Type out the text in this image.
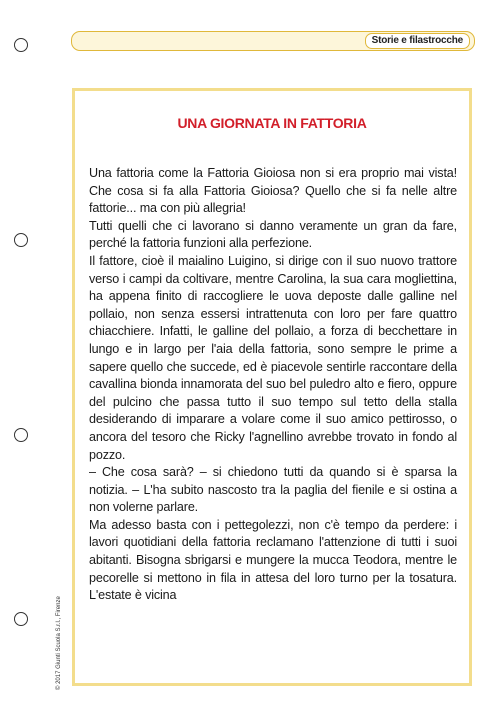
Storie e filastrocche
UNA GIORNATA IN FATTORIA

Una fattoria come la Fattoria Gioiosa non si era proprio mai vista! Che cosa si fa alla Fattoria Gioiosa? Quello che si fa nelle altre fattorie... ma con più allegria!

Tutti quelli che ci lavorano si danno veramente un gran da fare, perché la fattoria funzioni alla perfezione.

Il fattore, cioè il maialino Luigino, si dirige con il suo nuovo trattore verso i campi da coltivare, mentre Carolina, la sua cara mogliettina, ha appena finito di raccogliere le uova deposte dalle galline nel pollaio, non senza essersi intrattenuta con loro per fare quattro chiacchiere. Infatti, le galline del pollaio, a forza di becchettare in lungo e in largo per l'aia della fattoria, sono sempre le prime a sapere quello che succede, ed è piacevole sentirle raccontare della cavallina bionda innamorata del suo bel puledro alto e fiero, oppure del pulcino che passa tutto il suo tempo sul tetto della stalla desiderando di imparare a volare come il suo amico pettirosso, o ancora del tesoro che Ricky l'agnellino avrebbe trovato in fondo al pozzo.

– Che cosa sarà? – si chiedono tutti da quando si è sparsa la notizia. – L'ha subito nascosto tra la paglia del fienile e si ostina a non volerne parlare.

Ma adesso basta con i pettegolezzi, non c'è tempo da perdere: i lavori quotidiani della fattoria reclamano l'attenzione di tutti i suoi abitanti. Bisogna sbrigarsi e mungere la mucca Teodora, mentre le pecorelle si mettono in fila in attesa del loro turno per la tosatura. L'estate è vicina

© 2017 Giunti Scuola S.r.l., Firenze
